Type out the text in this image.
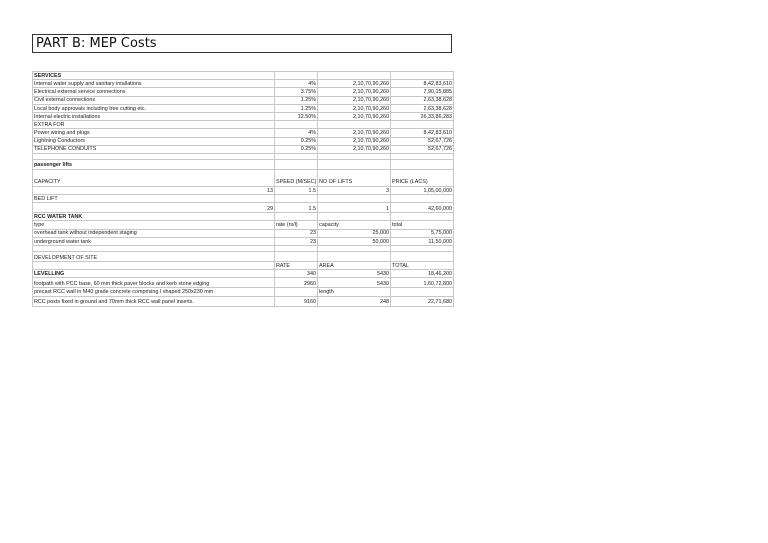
PART B: MEP Costs
SERVICES			
Internal water supply and sanitary intallations	4%	2,10,70,90,260	8,42,83,610
Electrical external service connections	3.75%	2,10,70,90,260	7,90,15,885
Civil external connections	1.25%	2,10,70,90,260	2,63,38,628
Local body approvals including tree cutting etc.	1.25%	2,10,70,90,260	2,63,38,628
Internal electric installations	12.50%	2,10,70,90,260	26,33,86,283
EXTRA FOR			
Power wiring and plugs	4%	2,10,70,90,260	8,42,83,610
Lightning Conductors	0.25%	2,10,70,90,260	52,67,726
TELEPHONE CONDUITS	0.25%	2,10,70,90,260	52,67,726

passenger lifts			
CAPACITY	SPEED (M/SEC)	NO OF LIFTS	PRICE (LACS)
13	1.5	3	1,05,00,000
BED LIFT			
29	1.5	1	42,60,000
RCC WATER TANK			
type	rate (rs/l)	capacity	total
overhead tank without independent staging	23	25,000	5,75,000
underground water tank	23	50,000	11,50,000

DEVELOPMENT OF SITE			
	RATE	AREA	TOTAL
LEVELLING	340	5430	18,46,200
footpath with PCC base, 60 mm thick paver blocks and kerb stone edging	2960	5430	1,60,72,800
precast RCC wall in M40 grade concrete comprising I shaped 250x230 mm		length	
RCC posts fixed in ground and 70mm thick RCC wall panel inserts.	9160	248	22,71,680
